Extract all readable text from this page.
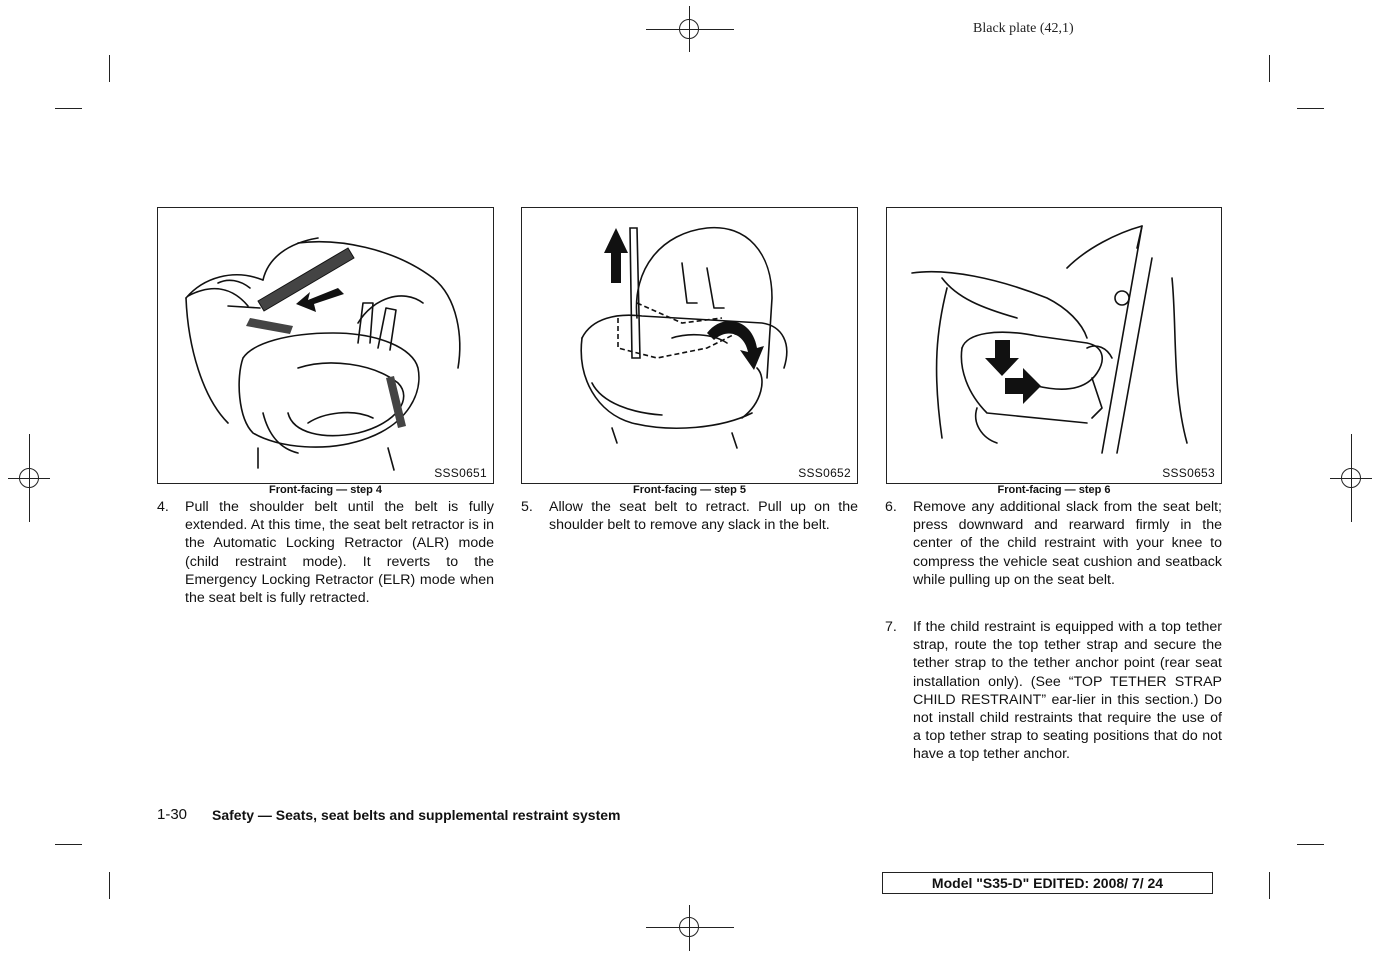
Black plate (42,1)
SSS0651
Front-facing — step 4
SSS0652
Front-facing — step 5
SSS0653
Front-facing — step 6
4. Pull the shoulder belt until the belt is fully extended. At this time, the seat belt retractor is in the Automatic Locking Retractor (ALR) mode (child restraint mode). It reverts to the Emergency Locking Retractor (ELR) mode when the seat belt is fully retracted.
5. Allow the seat belt to retract. Pull up on the shoulder belt to remove any slack in the belt.
6. Remove any additional slack from the seat belt; press downward and rearward firmly in the center of the child restraint with your knee to compress the vehicle seat cushion and seatback while pulling up on the seat belt.
7. If the child restraint is equipped with a top tether strap, route the top tether strap and secure the tether strap to the tether anchor point (rear seat installation only). (See “TOP TETHER STRAP CHILD RESTRAINT” ear-lier in this section.) Do not install child restraints that require the use of a top tether strap to seating positions that do not have a top tether anchor.
1-30 Safety — Seats, seat belts and supplemental restraint system
Model "S35-D" EDITED: 2008/ 7/ 24
